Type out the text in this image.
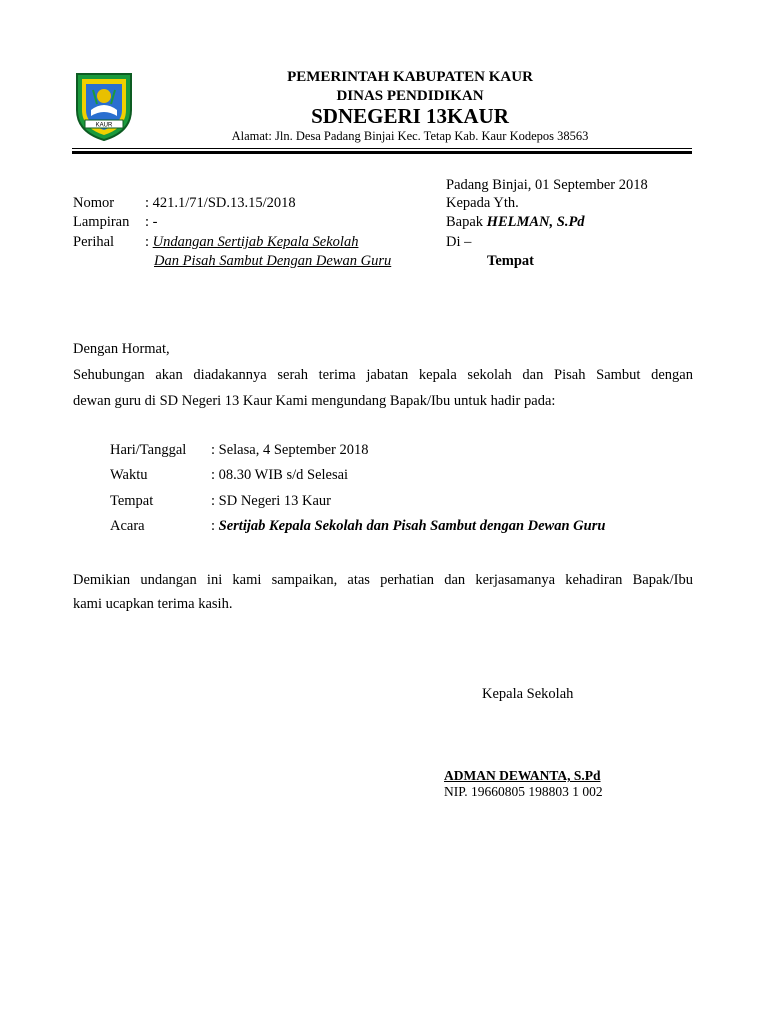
KAUR
PEMERINTAH KABUPATEN KAUR
DINAS PENDIDIKAN
SDNEGERI 13KAUR
Alamat: Jln. Desa Padang Binjai Kec. Tetap Kab. Kaur Kodepos 38563
Padang Binjai, 01 September 2018
Nomor : 421.1/71/SD.13.15/2018
Lampiran : -
Perihal : Undangan Sertijab Kepala Sekolah
Dan Pisah Sambut Dengan Dewan Guru
Kepada Yth.
Bapak HELMAN, S.Pd
Di –
Tempat
Dengan Hormat,
Sehubungan akan diadakannya serah terima jabatan kepala sekolah dan Pisah Sambut dengan
dewan guru di SD Negeri 13 Kaur Kami mengundang Bapak/Ibu untuk hadir pada:
Hari/Tanggal : Selasa, 4 September 2018
Waktu	: 08.30 WIB s/d Selesai
Tempat	: SD Negeri 13 Kaur
Acara	: Sertijab Kepala Sekolah dan Pisah Sambut dengan Dewan Guru
Demikian undangan ini kami sampaikan, atas perhatian dan kerjasamanya kehadiran Bapak/Ibu
kami ucapkan terima kasih.
Kepala Sekolah
ADMAN DEWANTA, S.Pd
NIP. 19660805 198803 1 002
